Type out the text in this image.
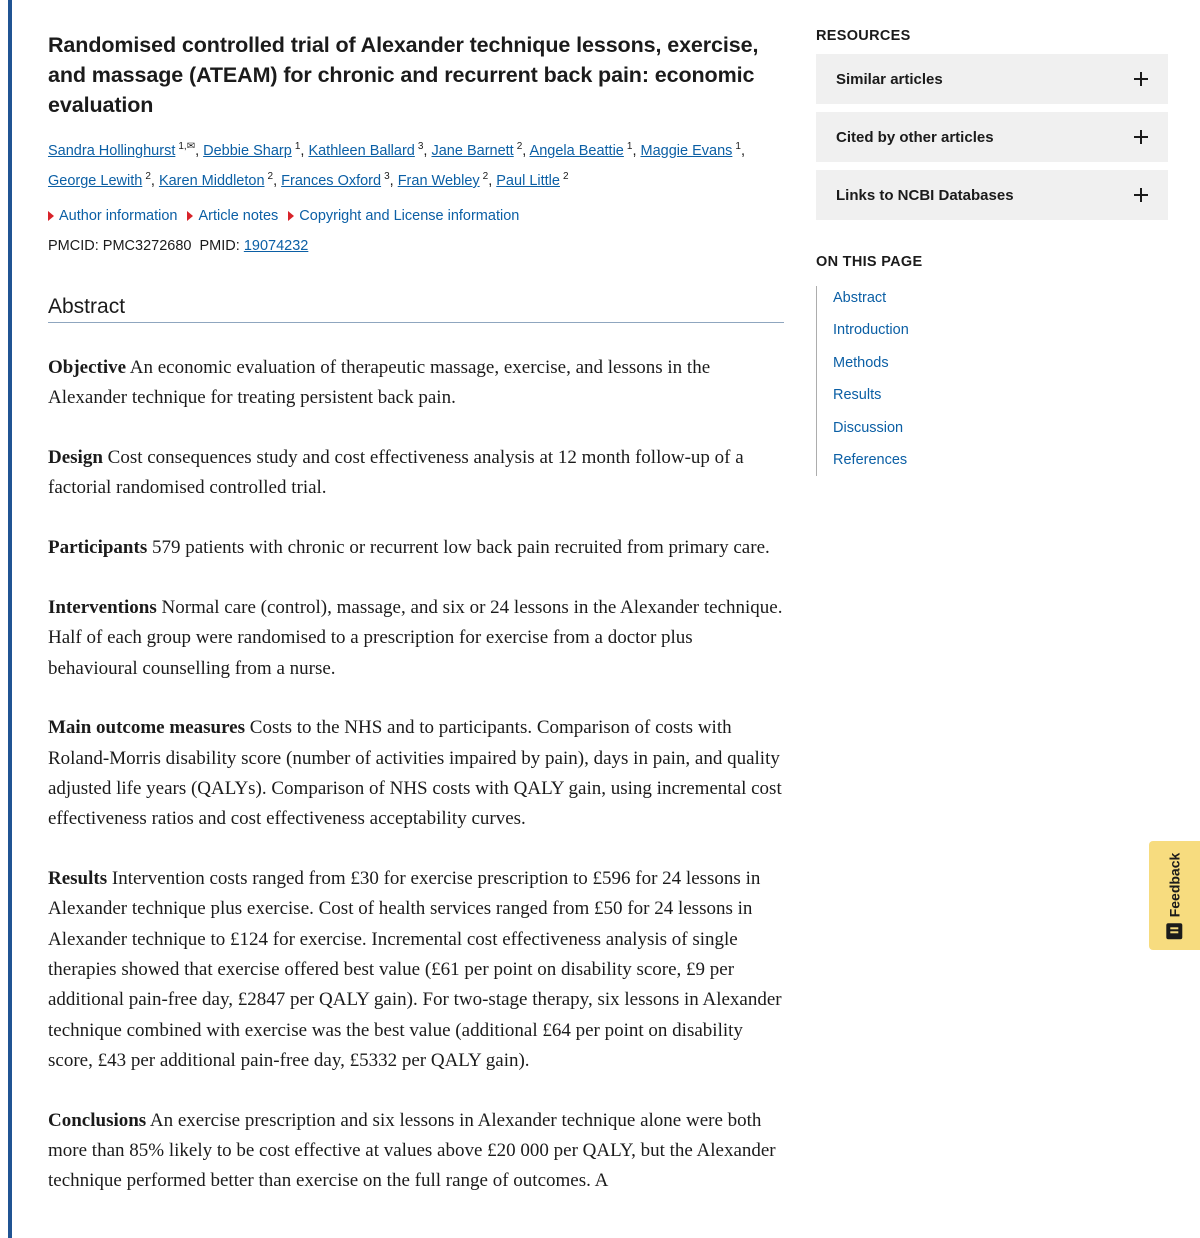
Randomised controlled trial of Alexander technique lessons, exercise, and massage (ATEAM) for chronic and recurrent back pain: economic evaluation
Sandra Hollinghurst $^{1,✉}$, Debbie Sharp $^1$, Kathleen Ballard $^3$, Jane Barnett $^2$, Angela Beattie $^1$, Maggie Evans $^1$,
George Lewith $^2$, Karen Middleton $^2$, Frances Oxford $^3$, Fran Webley $^2$, Paul Little $^2$
Author information Article notes Copyright and License information
PMCID: PMC3272680 PMID: 19074232
Abstract

Objective An economic evaluation of therapeutic massage, exercise, and lessons in the Alexander technique for treating persistent back pain.

Design Cost consequences study and cost effectiveness analysis at 12 month follow-up of a factorial randomised controlled trial.

Participants 579 patients with chronic or recurrent low back pain recruited from primary care.

Interventions Normal care (control), massage, and six or 24 lessons in the Alexander technique. Half of each group were randomised to a prescription for exercise from a doctor plus behavioural counselling from a nurse.

Main outcome measures Costs to the NHS and to participants. Comparison of costs with Roland-Morris disability score (number of activities impaired by pain), days in pain, and quality adjusted life years (QALYs). Comparison of NHS costs with QALY gain, using incremental cost effectiveness ratios and cost effectiveness acceptability curves.

Results Intervention costs ranged from £30 for exercise prescription to £596 for 24 lessons in Alexander technique plus exercise. Cost of health services ranged from £50 for 24 lessons in Alexander technique to £124 for exercise. Incremental cost effectiveness analysis of single therapies showed that exercise offered best value (£61 per point on disability score, £9 per additional pain-free day, £2847 per QALY gain). For two-stage therapy, six lessons in Alexander technique combined with exercise was the best value (additional £64 per point on disability score, £43 per additional pain-free day, £5332 per QALY gain).

Conclusions An exercise prescription and six lessons in Alexander technique alone were both more than 85% likely to be cost effective at values above £20 000 per QALY, but the Alexander technique performed better than exercise on the full range of outcomes. A

RESOURCES
Similar articles
Cited by other articles
Links to NCBI Databases
ON THIS PAGE
Abstract
Introduction
Methods
Results
Discussion
References
Feedback
